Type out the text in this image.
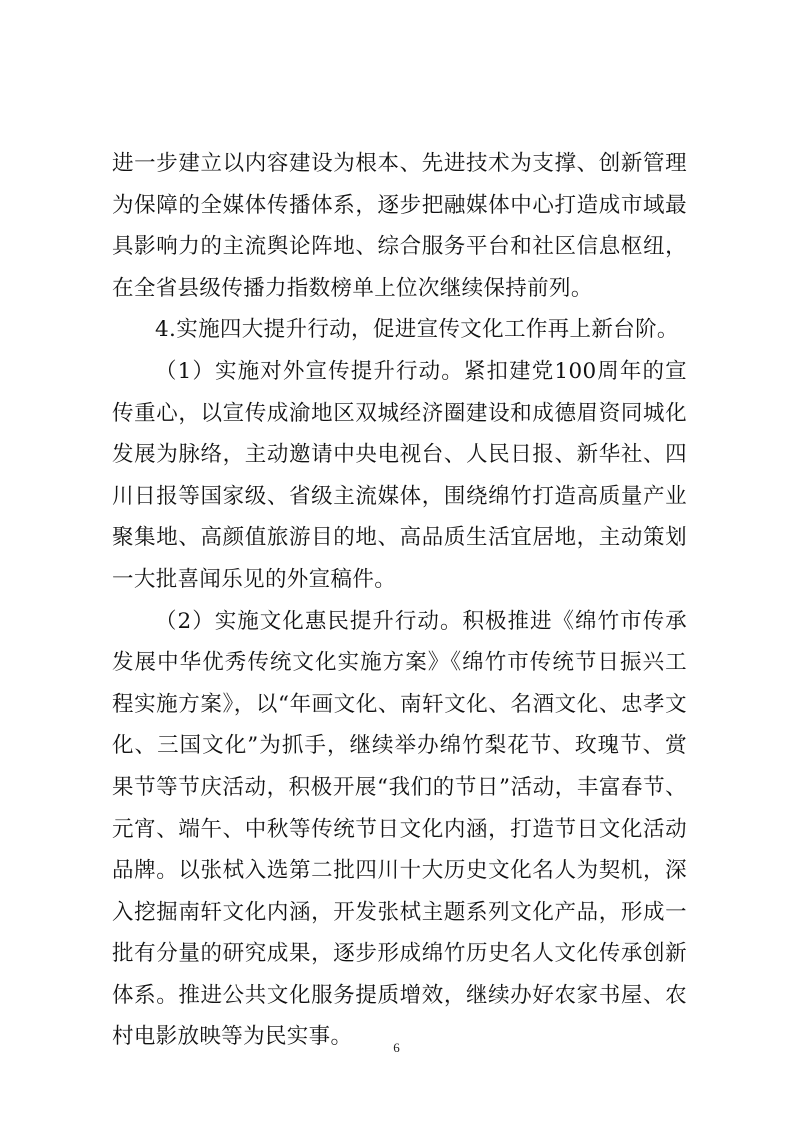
进一步建立以内容建设为根本、先进技术为支撑、创新管理为保障的全媒体传播体系，逐步把融媒体中心打造成市域最具影响力的主流舆论阵地、综合服务平台和社区信息枢纽，在全省县级传播力指数榜单上位次继续保持前列。

4.实施四大提升行动，促进宣传文化工作再上新台阶。

（1）实施对外宣传提升行动。紧扣建党100周年的宣传重心，以宣传成渝地区双城经济圈建设和成德眉资同城化发展为脉络，主动邀请中央电视台、人民日报、新华社、四川日报等国家级、省级主流媒体，围绕绵竹打造高质量产业聚集地、高颜值旅游目的地、高品质生活宜居地，主动策划一大批喜闻乐见的外宣稿件。

（2）实施文化惠民提升行动。积极推进《绵竹市传承发展中华优秀传统文化实施方案》《绵竹市传统节日振兴工程实施方案》，以“年画文化、南轩文化、名酒文化、忠孝文化、三国文化”为抓手，继续举办绵竹梨花节、玫瑰节、赏果节等节庆活动，积极开展“我们的节日”活动，丰富春节、元宵、端午、中秋等传统节日文化内涵，打造节日文化活动品牌。以张栻入选第二批四川十大历史文化名人为契机，深入挖掘南轩文化内涵，开发张栻主题系列文化产品，形成一批有分量的研究成果，逐步形成绵竹历史名人文化传承创新体系。推进公共文化服务提质增效，继续办好农家书屋、农村电影放映等为民实事。	6
